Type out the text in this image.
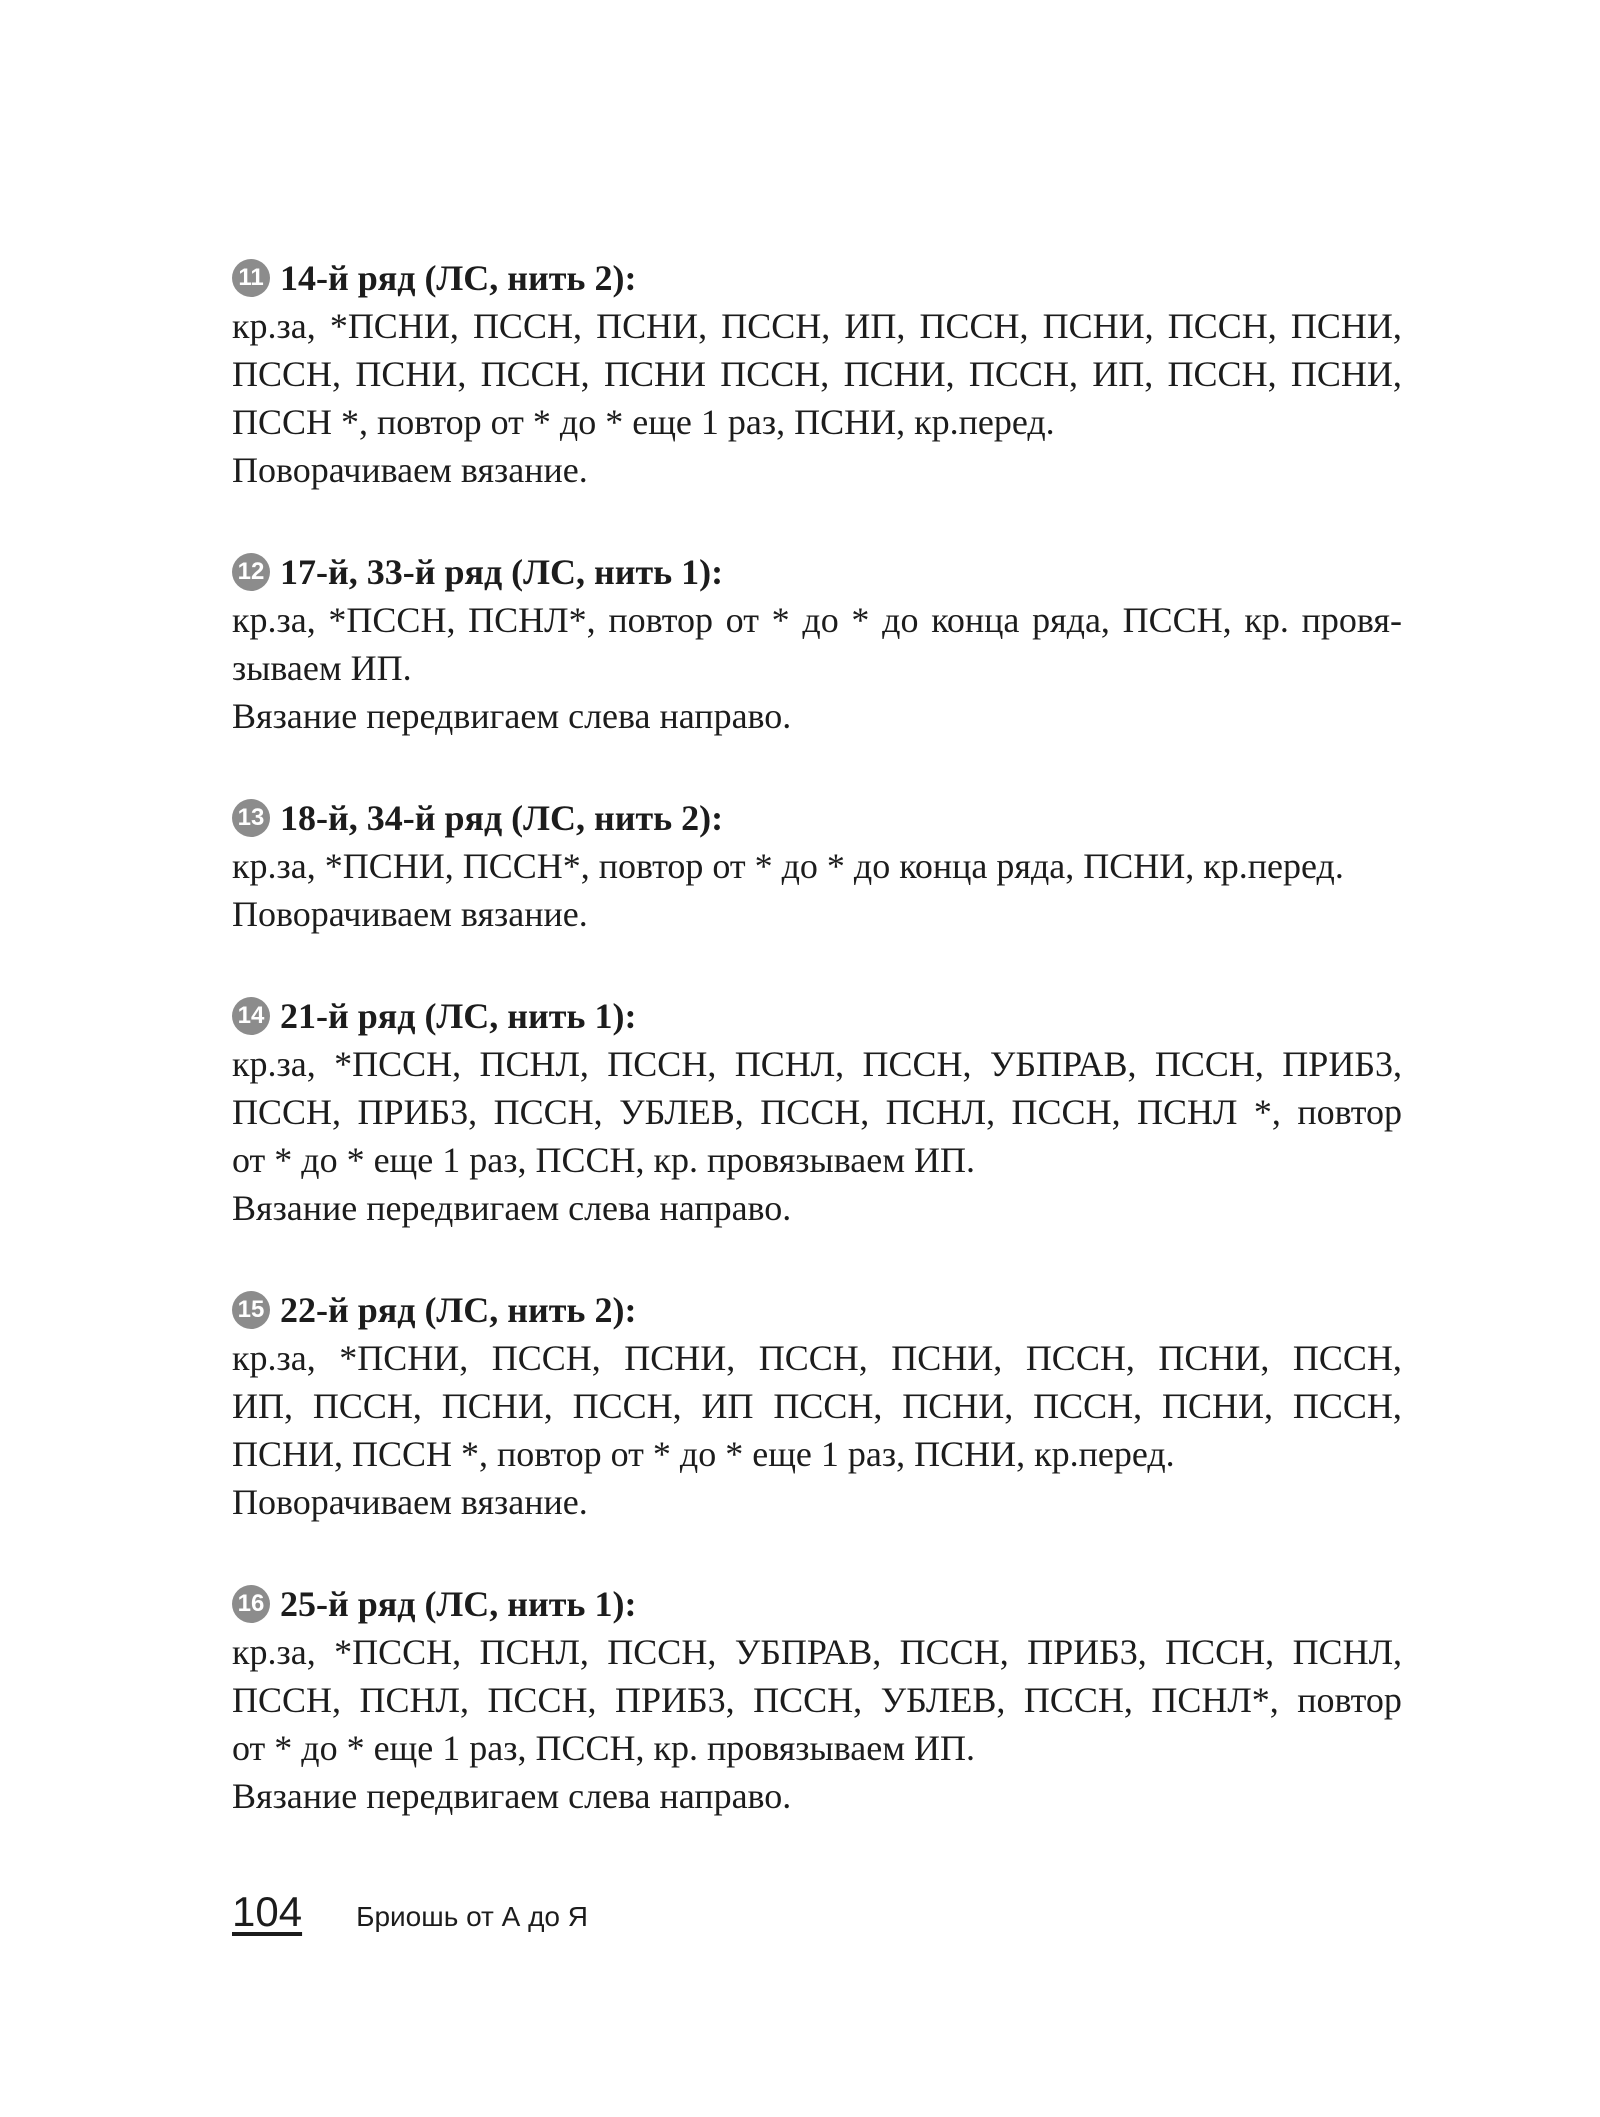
11 14-й ряд (ЛС, нить 2):
кр.за, *ПСНИ, ПССН, ПСНИ, ПССН, ИП, ПССН, ПСНИ, ПССН, ПСНИ,
ПССН, ПСНИ, ПССН, ПСНИ ПССН, ПСНИ, ПССН, ИП, ПССН, ПСНИ,
ПССН *, повтор от * до * еще 1 раз, ПСНИ, кр.перед.
Поворачиваем вязание.
12 17-й, 33-й ряд (ЛС, нить 1):
кр.за, *ПССН, ПСНЛ*, повтор от * до * до конца ряда, ПССН, кр. провя-
зываем ИП.
Вязание передвигаем слева направо.
13 18-й, 34-й ряд (ЛС, нить 2):
кр.за, *ПСНИ, ПССН*, повтор от * до * до конца ряда, ПСНИ, кр.перед.
Поворачиваем вязание.
14 21-й ряд (ЛС, нить 1):
кр.за, *ПССН, ПСНЛ, ПССН, ПСНЛ, ПССН, УБПРАВ, ПССН, ПРИБ3,
ПССН, ПРИБ3, ПССН, УБЛЕВ, ПССН, ПСНЛ, ПССН, ПСНЛ *, повтор
от * до * еще 1 раз, ПССН, кр. провязываем ИП.
Вязание передвигаем слева направо.
15 22-й ряд (ЛС, нить 2):
кр.за, *ПСНИ, ПССН, ПСНИ, ПССН, ПСНИ, ПССН, ПСНИ, ПССН,
ИП, ПССН, ПСНИ, ПССН, ИП ПССН, ПСНИ, ПССН, ПСНИ, ПССН,
ПСНИ, ПССН *, повтор от * до * еще 1 раз, ПСНИ, кр.перед.
Поворачиваем вязание.
16 25-й ряд (ЛС, нить 1):
кр.за, *ПССН, ПСНЛ, ПССН, УБПРАВ, ПССН, ПРИБ3, ПССН, ПСНЛ,
ПССН, ПСНЛ, ПССН, ПРИБ3, ПССН, УБЛЕВ, ПССН, ПСНЛ*, повтор
от * до * еще 1 раз, ПССН, кр. провязываем ИП.
Вязание передвигаем слева направо.
104 Бриошь от А до Я
